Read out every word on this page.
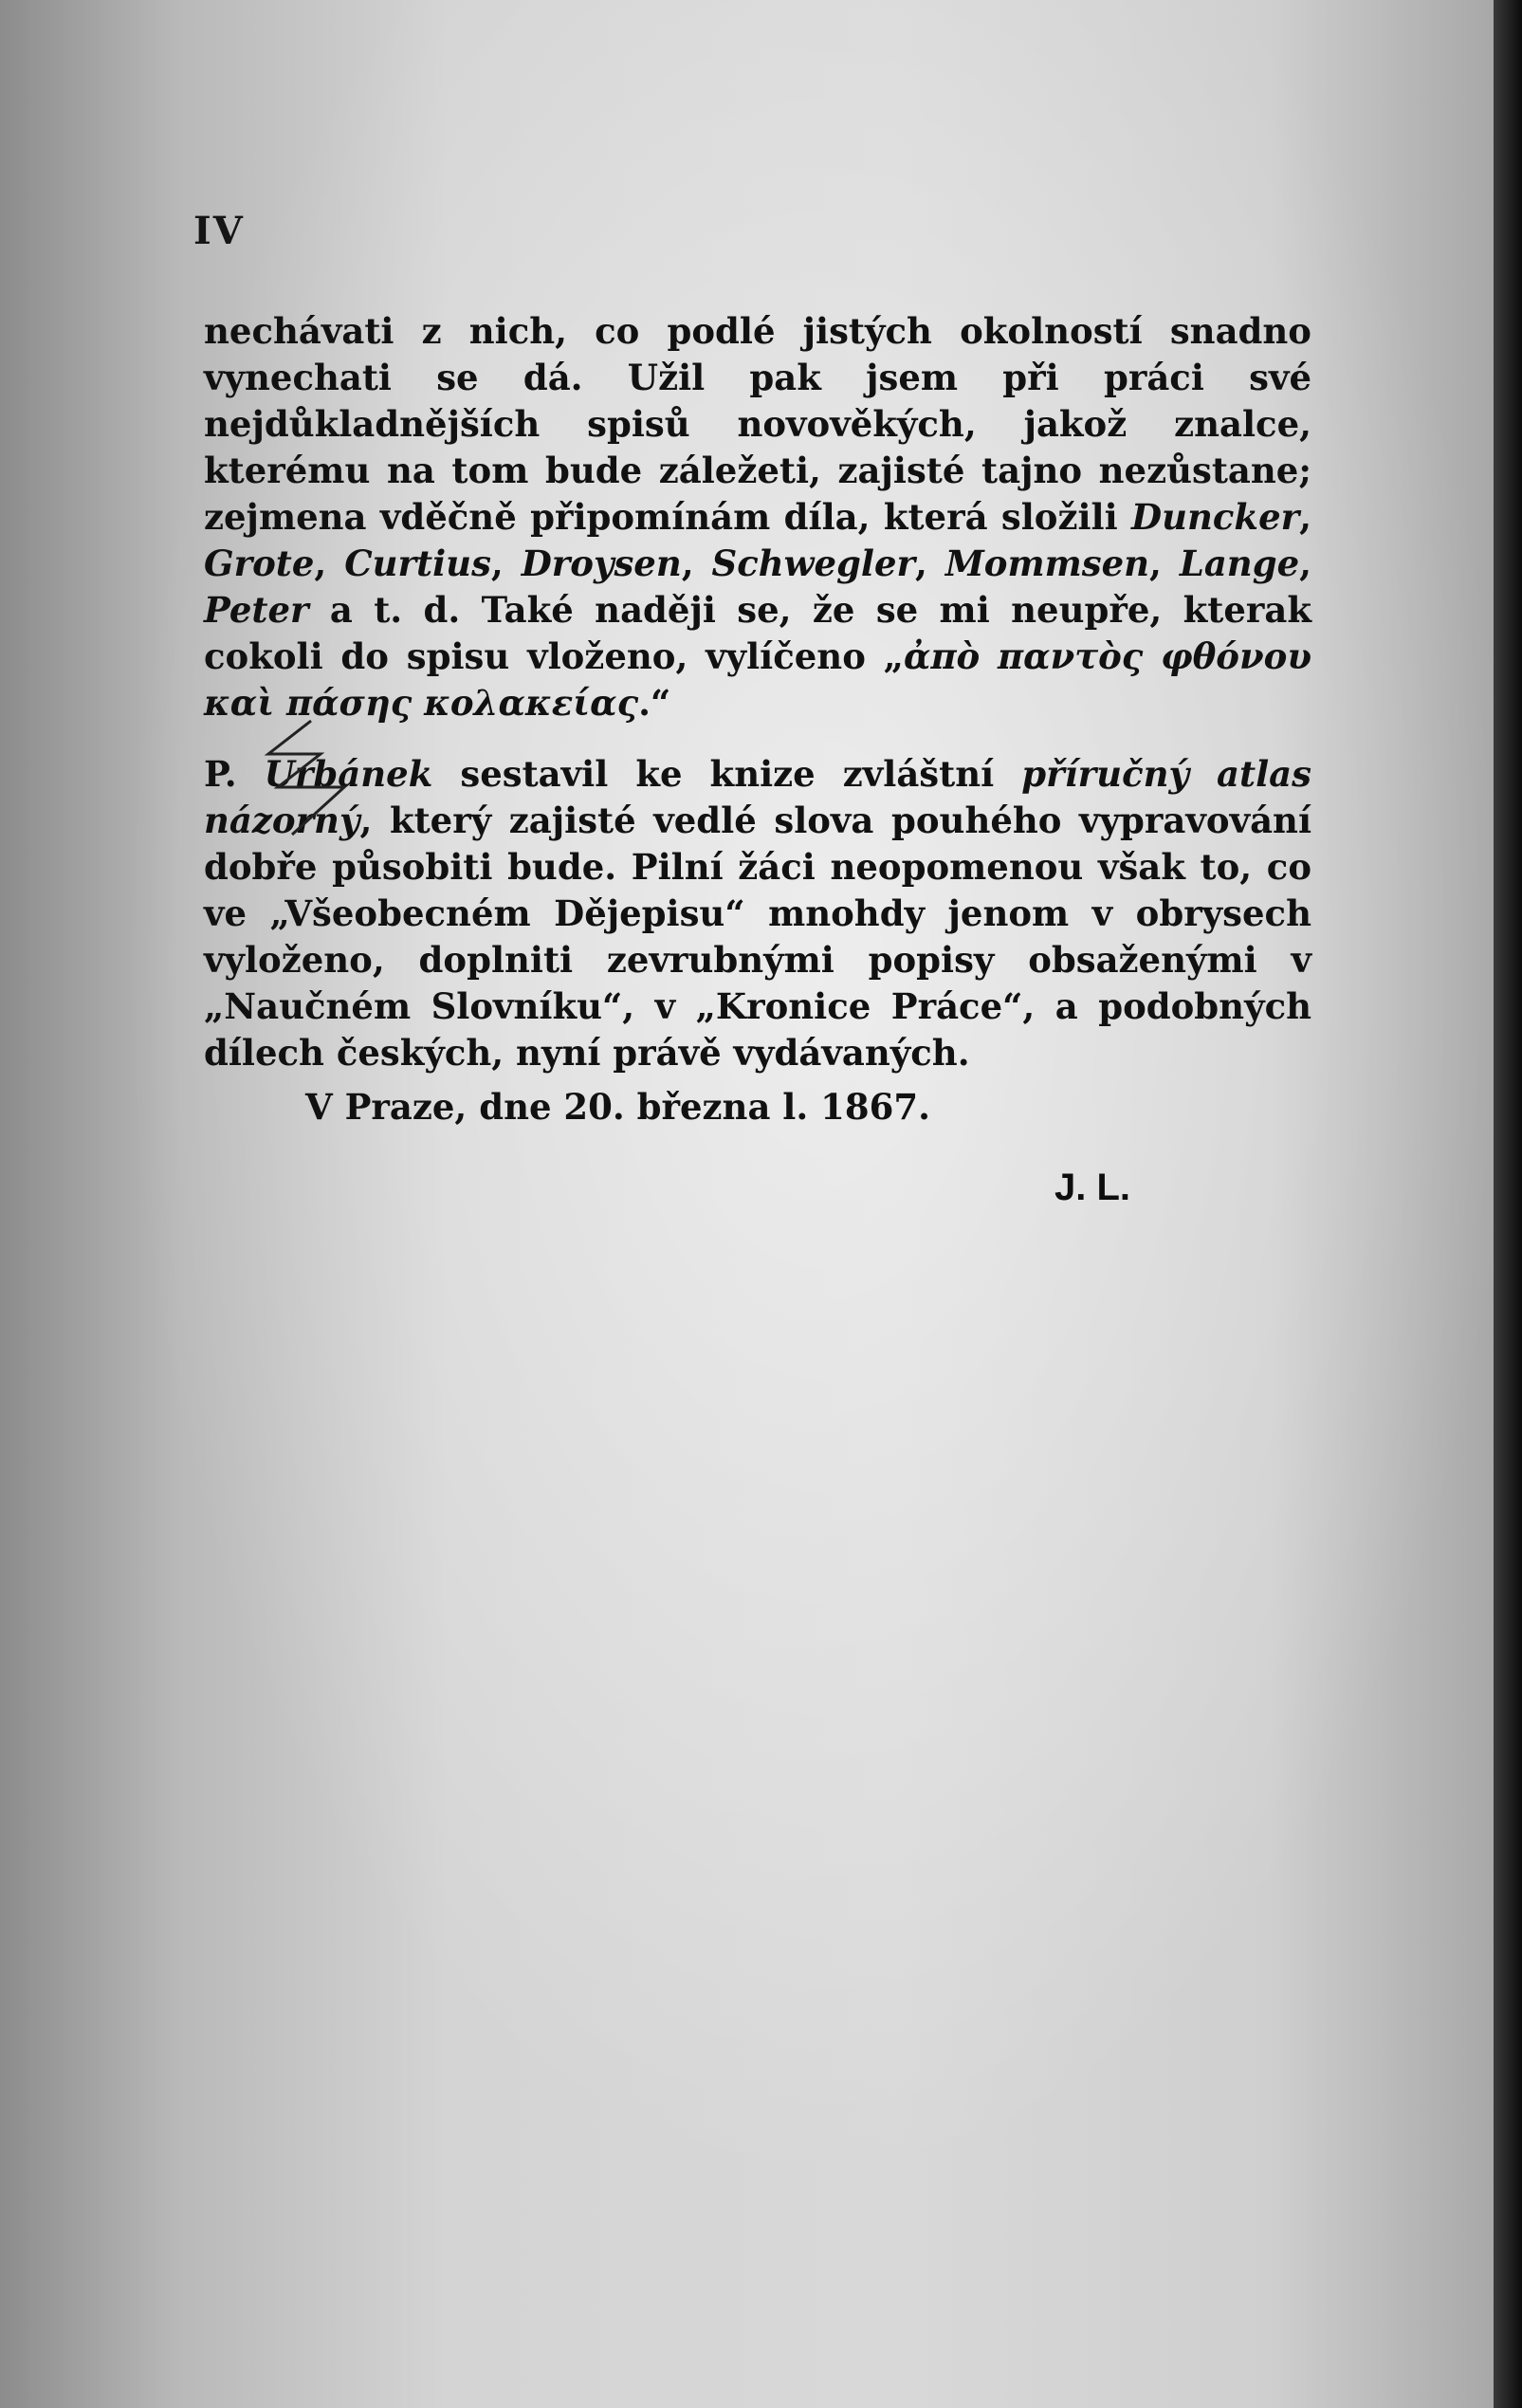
IV

nechávati z nich, co podlé jistých okolností snadno vynechati se dá. Užil pak jsem při práci své nejdůkladnějších spisů novověkých, jakož znalce, kterému na tom bude záležeti, zajisté tajno nezůstane; zejmena vděčně připomínám díla, která složili Duncker, Grote, Curtius, Droysen, Schwegler, Mommsen, Lange, Peter a t. d. Také naději se, že se mi neupře, kterak cokoli do spisu vloženo, vylíčeno „ἀπὸ παντὸς φθόνου καὶ πάσης κολακείας.“

P. Urbánek sestavil ke knize zvláštní příručný atlas názorný, který zajisté vedlé slova pouhého vypravování dobře působiti bude. Pilní žáci neopomenou však to, co ve „Všeobecném Dějepisu“ mnohdy jenom v obrysech vyloženo, doplniti zevrubnými popisy obsaženými v „Naučném Slovníku“, v „Kronice Práce“, a podobných dílech českých, nyní právě vydávaných.

V Praze, dne 20. března l. 1867.
J. L.
